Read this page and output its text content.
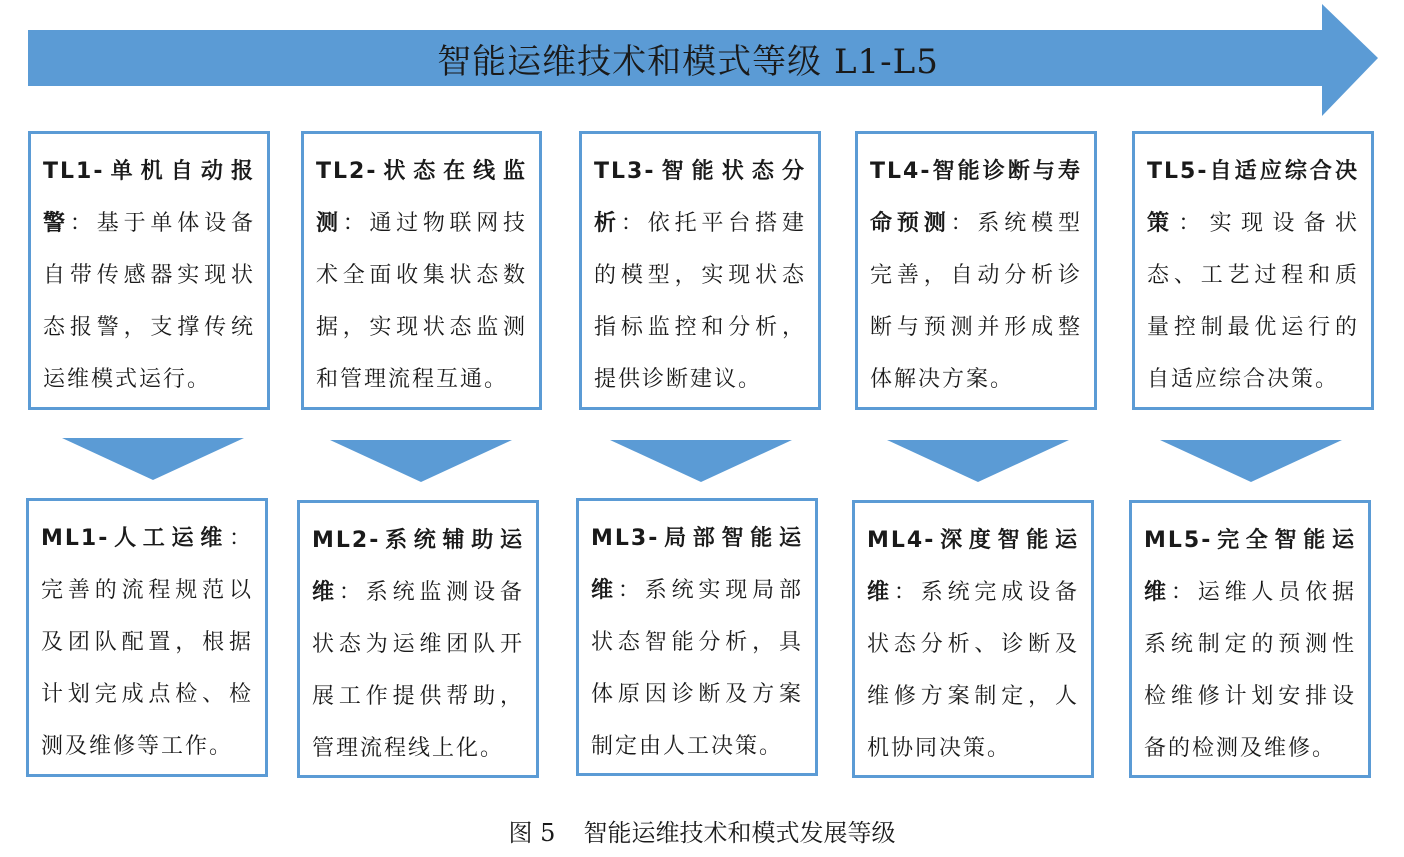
智能运维技术和模式等级 L1-L5
TL1-单机自动报警：基于单体设备自带传感器实现状态报警，支撑传统运维模式运行。
TL2-状态在线监测：通过物联网技术全面收集状态数据，实现状态监测和管理流程互通。
TL3-智能状态分析：依托平台搭建的模型，实现状态指标监控和分析，提供诊断建议。
TL4-智能诊断与寿命预测：系统模型完善，自动分析诊断与预测并形成整体解决方案。
TL5-自适应综合决策：实现设备状态、工艺过程和质量控制最优运行的自适应综合决策。
ML1-人工运维：完善的流程规范以及团队配置，根据计划完成点检、检测及维修等工作。
ML2-系统辅助运维：系统监测设备状态为运维团队开展工作提供帮助，管理流程线上化。
ML3-局部智能运维：系统实现局部状态智能分析，具体原因诊断及方案制定由人工决策。
ML4-深度智能运维：系统完成设备状态分析、诊断及维修方案制定，人机协同决策。
ML5-完全智能运维：运维人员依据系统制定的预测性检维修计划安排设备的检测及维修。
图 5 智能运维技术和模式发展等级
